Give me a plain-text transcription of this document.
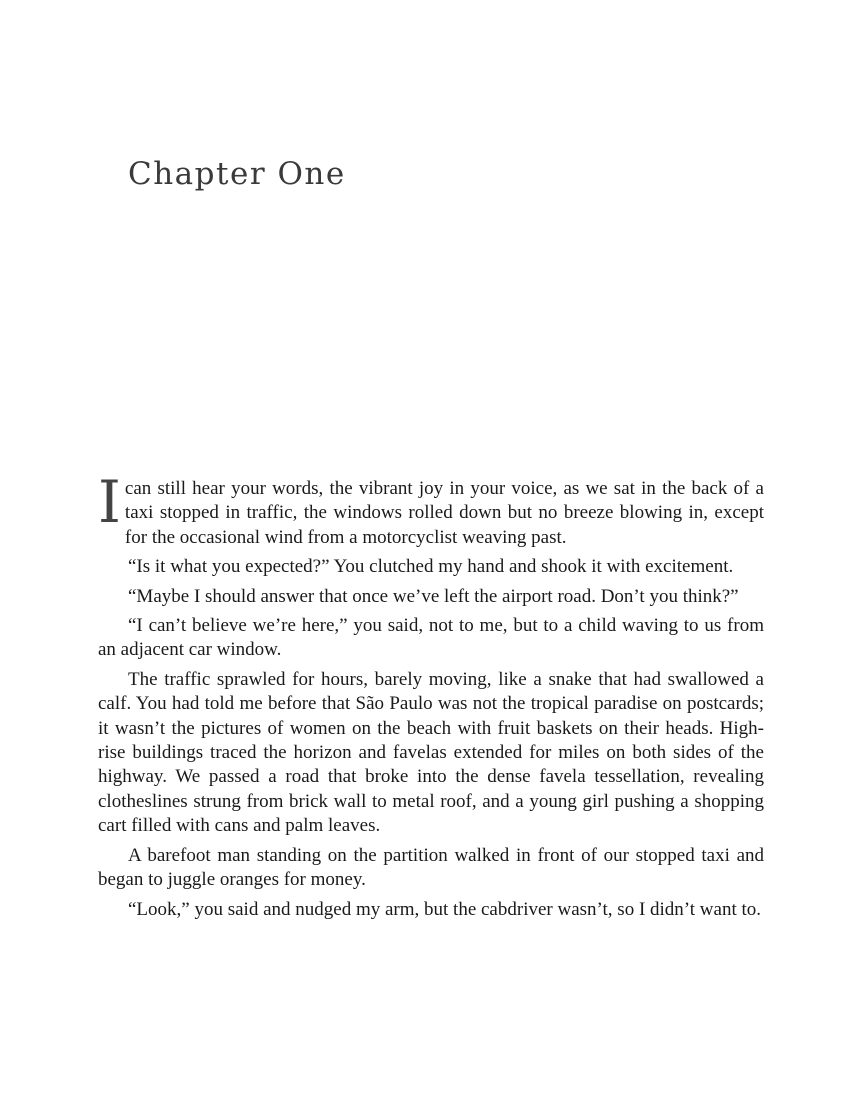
Chapter One

I can still hear your words, the vibrant joy in your voice, as we sat in the back of a taxi stopped in traffic, the windows rolled down but no breeze blowing in, except for the occasional wind from a motorcyclist weaving past.

“Is it what you expected?” You clutched my hand and shook it with excitement.

“Maybe I should answer that once we’ve left the airport road. Don’t you think?”

“I can’t believe we’re here,” you said, not to me, but to a child waving to us from an adjacent car window.

The traffic sprawled for hours, barely moving, like a snake that had swallowed a calf. You had told me before that São Paulo was not the tropical paradise on postcards; it wasn’t the pictures of women on the beach with fruit baskets on their heads. High-rise buildings traced the horizon and favelas extended for miles on both sides of the highway. We passed a road that broke into the dense favela tessellation, revealing clotheslines strung from brick wall to metal roof, and a young girl pushing a shopping cart filled with cans and palm leaves.

A barefoot man standing on the partition walked in front of our stopped taxi and began to juggle oranges for money.

“Look,” you said and nudged my arm, but the cabdriver wasn’t, so I didn’t want to.
